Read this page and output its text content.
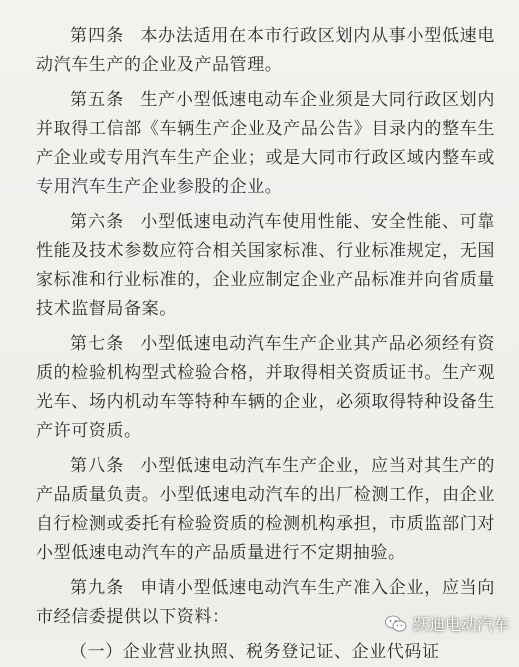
第四条 本办法适用在本市行政区划内从事小型低速电动汽车生产的企业及产品管理。

第五条 生产小型低速电动车企业须是大同行政区划内并取得工信部《车辆生产企业及产品公告》目录内的整车生产企业或专用汽车生产企业；或是大同市行政区域内整车或专用汽车生产企业参股的企业。

第六条 小型低速电动汽车使用性能、安全性能、可靠性能及技术参数应符合相关国家标准、行业标准规定，无国家标准和行业标准的，企业应制定企业产品标准并向省质量技术监督局备案。

第七条 小型低速电动汽车生产企业其产品必须经有资质的检验机构型式检验合格，并取得相关资质证书。生产观光车、场内机动车等特种车辆的企业，必须取得特种设备生产许可资质。

第八条 小型低速电动汽车生产企业，应当对其生产的产品质量负责。小型低速电动汽车的出厂检测工作，由企业自行检测或委托有检验资质的检测机构承担，市质监部门对小型低速电动汽车的产品质量进行不定期抽验。

第九条 申请小型低速电动汽车生产准入企业，应当向市经信委提供以下资料：

（一）企业营业执照、税务登记证、企业代码证

跃迪电动汽车
